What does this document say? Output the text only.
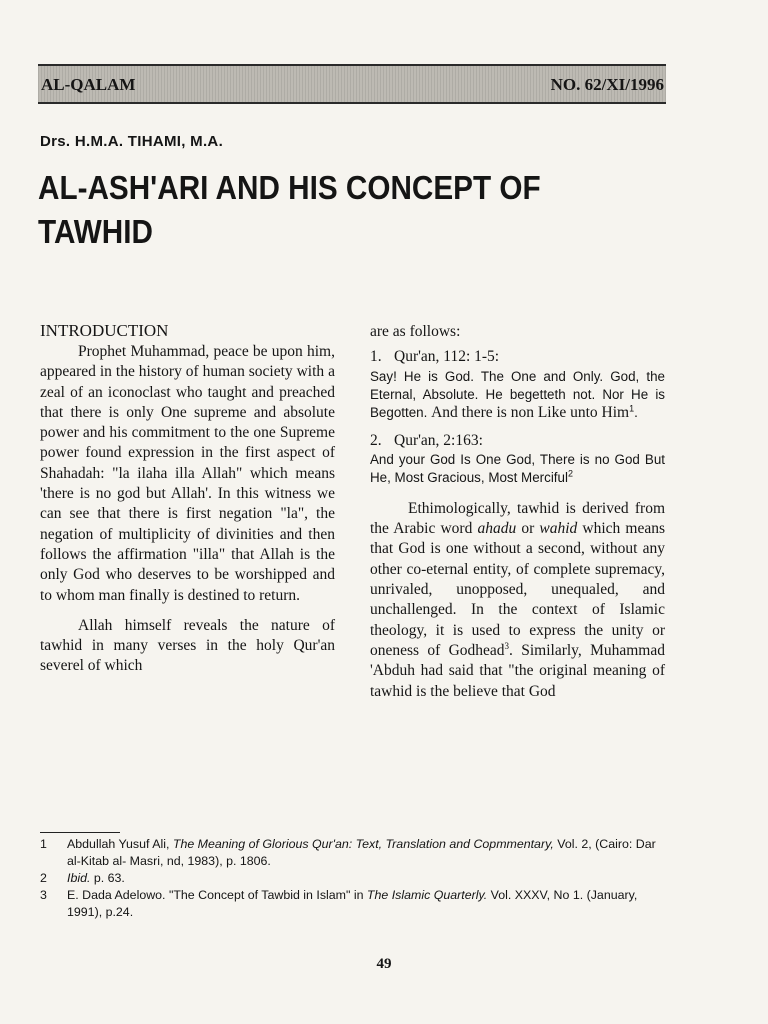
AL-QALAM	NO. 62/XI/1996
Drs. H.M.A. TIHAMI, M.A.
AL-ASH'ARI AND HIS CONCEPT OF
TAWHID
INTRODUCTION

Prophet Muhammad, peace be upon him, appeared in the history of human society with a zeal of an iconoclast who taught and preached that there is only One supreme and absolute power and his commitment to the one Supreme power found expression in the first aspect of Shahadah: "la ilaha illa Allah" which means 'there is no god but Allah'. In this witness we can see that there is first negation "la", the negation of multiplicity of divinities and then follows the affirmation "illa" that Allah is the only God who deserves to be worshipped and to whom man finally is destined to return.

Allah himself reveals the nature of tawhid in many verses in the holy Qur'an severel of which

are as follows:

1. Qur'an, 112: 1-5:

Say! He is God. The One and Only. God, the Eternal, Absolute. He begetteth not. Nor He is Begotten. And there is non Like unto Him$^1$.

2. Qur'an, 2:163:

And your God Is One God, There is no God But He, Most Gracious, Most Merciful$^2$

Ethimologically, tawhid is derived from the Arabic word ahadu or wahid which means that God is one without a second, without any other co-eternal entity, of complete supremacy, unrivaled, unopposed, unequaled, and unchallenged. In the context of Islamic theology, it is used to express the unity or oneness of Godhead$^3$. Similarly, Muhammad 'Abduh had said that "the original meaning of tawhid is the believe that God

1 Abdullah Yusuf Ali, The Meaning of Glorious Qur'an: Text, Translation and Copmmentary, Vol. 2, (Cairo: Dar al-Kitab al- Masri, nd, 1983), p. 1806.

2 Ibid. p. 63.

3 E. Dada Adelowo. "The Concept of Tawbid in Islam" in The Islamic Quarterly. Vol. XXXV, No 1. (January, 1991), p.24.

49
